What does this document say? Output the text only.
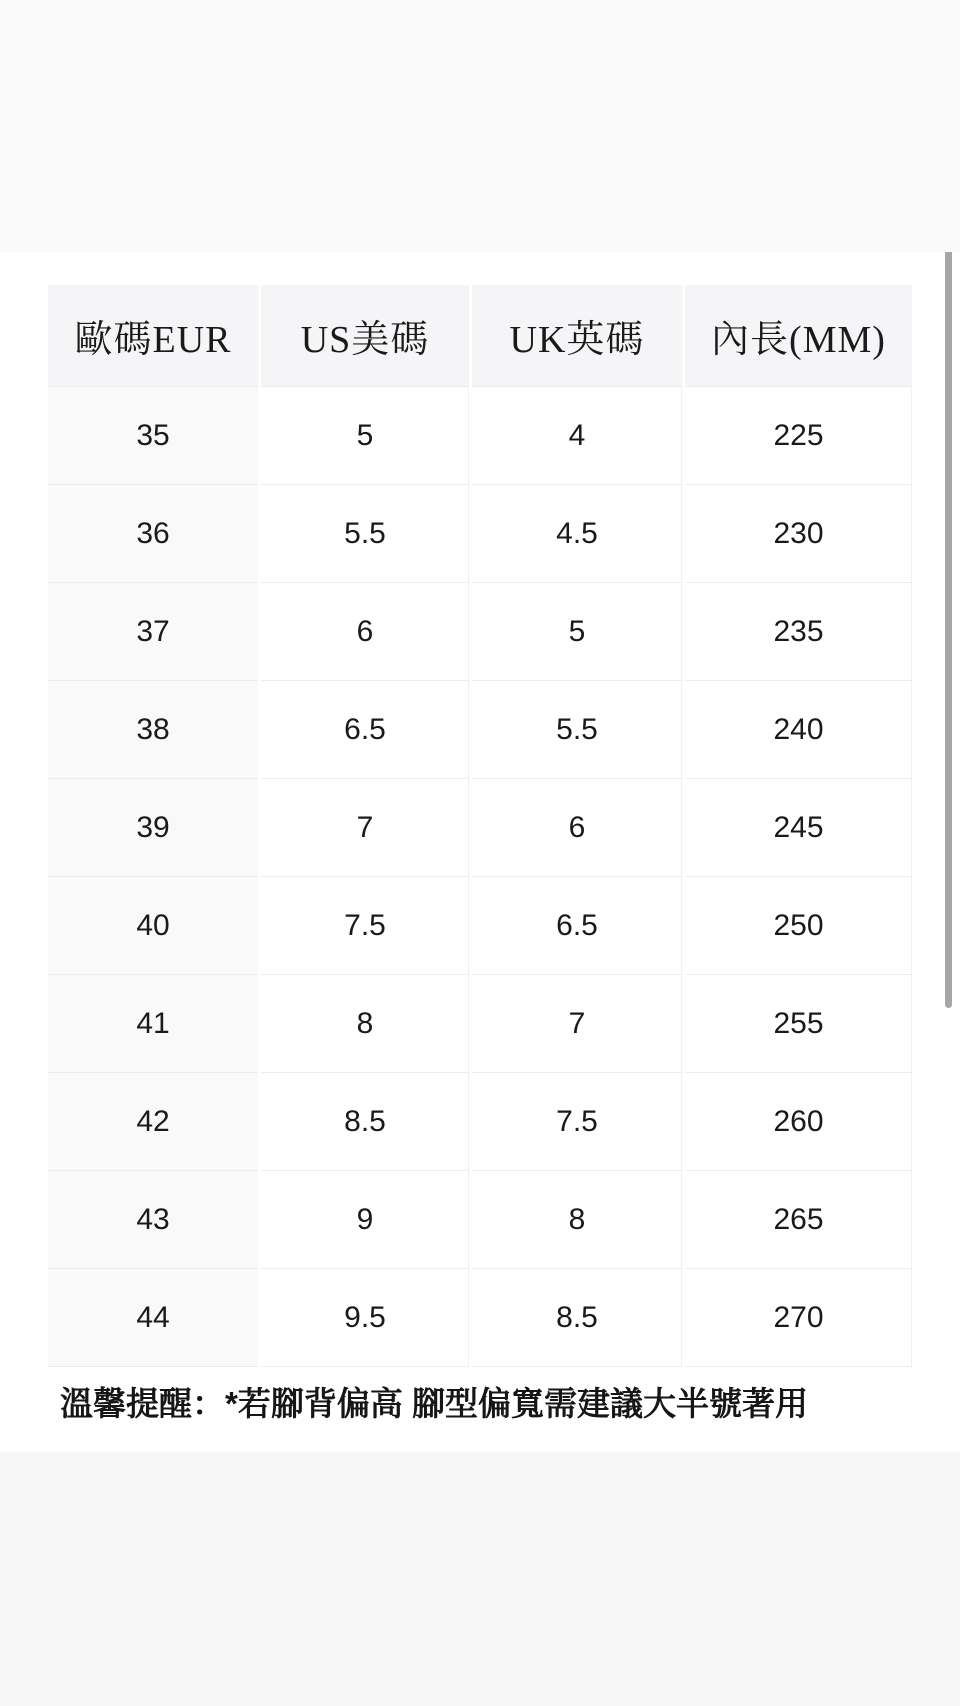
歐碼EUR	US美碼	UK英碼	內長(MM)
35	5	4	225
36	5.5	4.5	230
37	6	5	235
38	6.5	5.5	240
39	7	6	245
40	7.5	6.5	250
41	8	7	255
42	8.5	7.5	260
43	9	8	265
44	9.5	8.5	270
溫馨提醒：*若腳背偏高 腳型偏寬需建議大半號著用
